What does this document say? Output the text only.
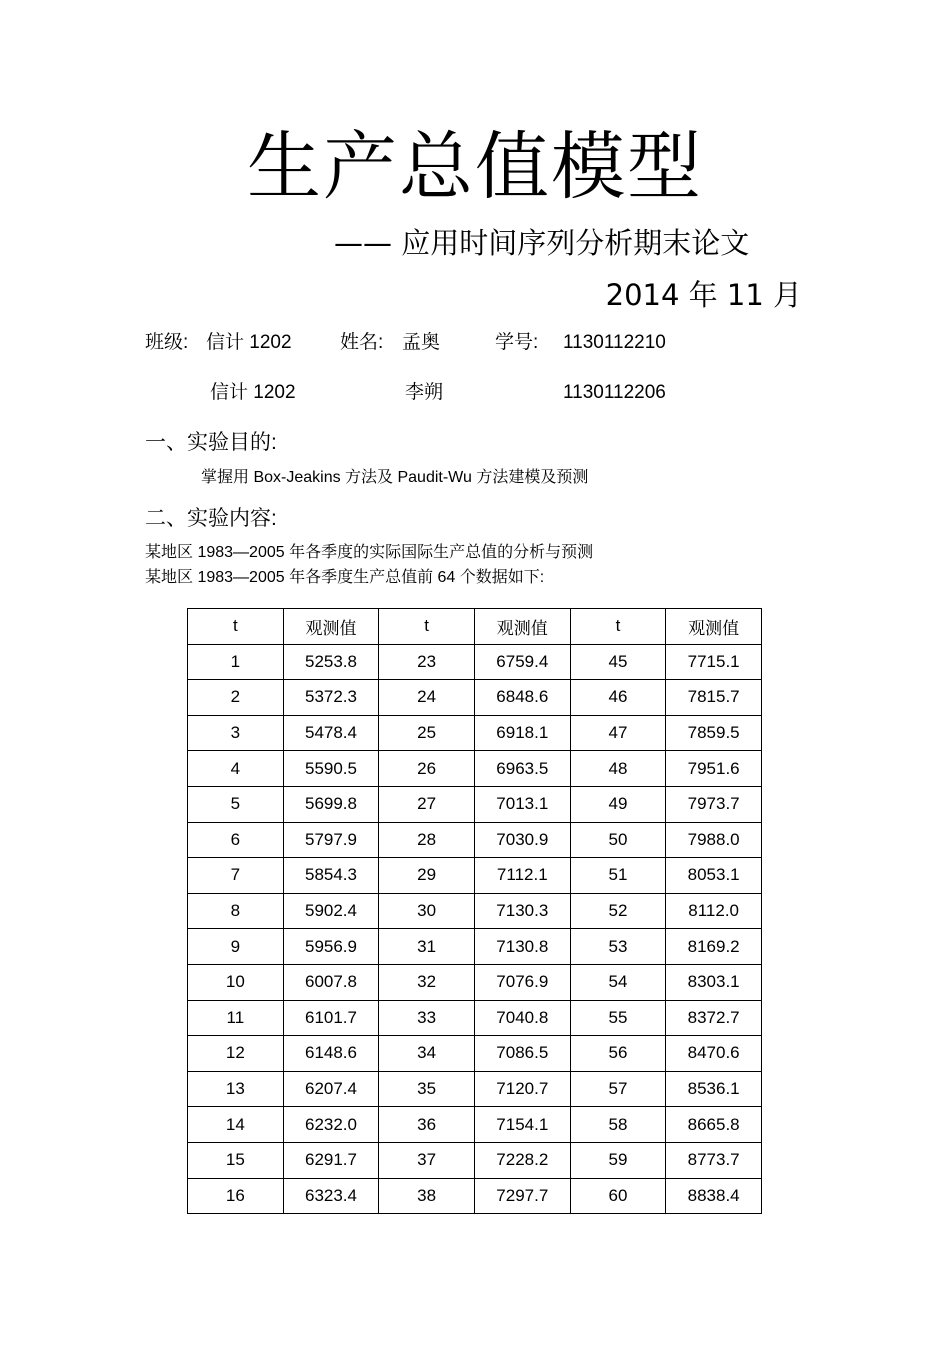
生产总值模型
—— 应用时间序列分析期末论文
2014 年 11 月
班级: 信计 1202	姓名: 孟奥	学号: 1130112210
信计 1202	李朔	1130112206
一、实验目的:
掌握用 Box-Jeakins 方法及 Paudit-Wu 方法建模及预测
二、实验内容:
某地区 1983—2005 年各季度的实际国际生产总值的分析与预测
某地区 1983—2005 年各季度生产总值前 64 个数据如下:
t	观测值	t	观测值	t	观测值
1	5253.8	23	6759.4	45	7715.1
2	5372.3	24	6848.6	46	7815.7
3	5478.4	25	6918.1	47	7859.5
4	5590.5	26	6963.5	48	7951.6
5	5699.8	27	7013.1	49	7973.7
6	5797.9	28	7030.9	50	7988.0
7	5854.3	29	7112.1	51	8053.1
8	5902.4	30	7130.3	52	8112.0
9	5956.9	31	7130.8	53	8169.2
10	6007.8	32	7076.9	54	8303.1
11	6101.7	33	7040.8	55	8372.7
12	6148.6	34	7086.5	56	8470.6
13	6207.4	35	7120.7	57	8536.1
14	6232.0	36	7154.1	58	8665.8
15	6291.7	37	7228.2	59	8773.7
16	6323.4	38	7297.7	60	8838.4
